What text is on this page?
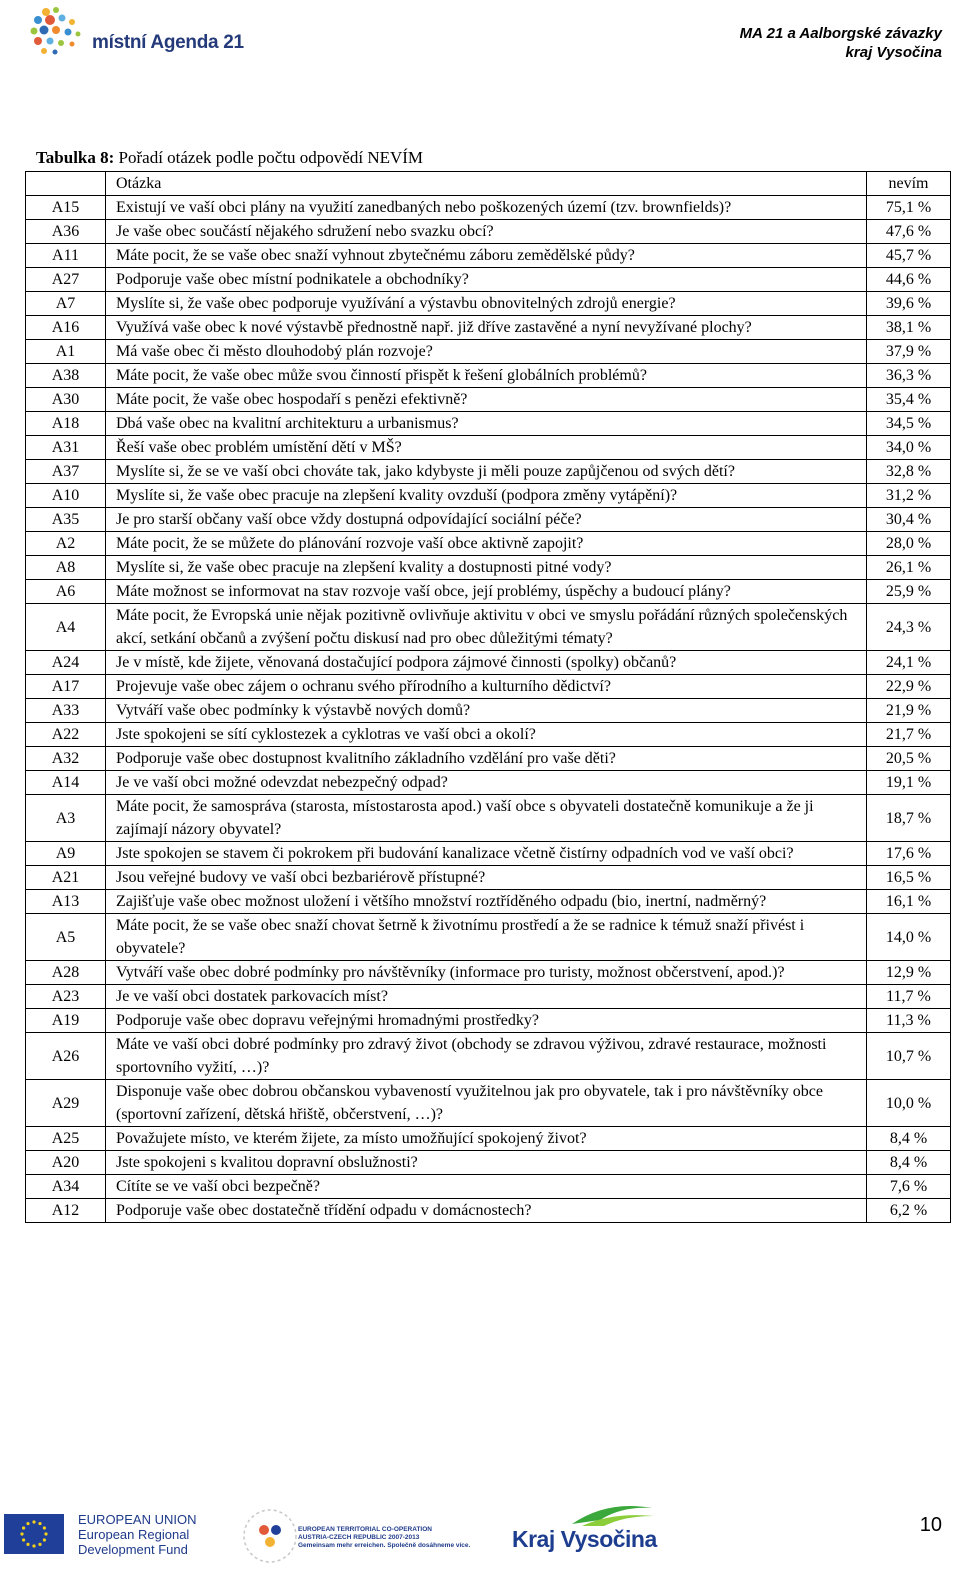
místní Agenda 21	MA 21 a Aalborgské závazky
kraj Vysočina
Tabulka 8: Pořadí otázek podle počtu odpovědí NEVÍM
	Otázka	nevím
A15	Existují ve vaší obci plány na využití zanedbaných nebo poškozených území (tzv. brownfields)?	75,1 %
A36	Je vaše obec součástí nějakého sdružení nebo svazku obcí?	47,6 %
A11	Máte pocit, že se vaše obec snaží vyhnout zbytečnému záboru zemědělské půdy?	45,7 %
A27	Podporuje vaše obec místní podnikatele a obchodníky?	44,6 %
A7	Myslíte si, že vaše obec podporuje využívání a výstavbu obnovitelných zdrojů energie?	39,6 %
A16	Využívá vaše obec k nové výstavbě přednostně např. již dříve zastavěné a nyní nevyžívané plochy?	38,1 %
A1	Má vaše obec či město dlouhodobý plán rozvoje?	37,9 %
A38	Máte pocit, že vaše obec může svou činností přispět k řešení globálních problémů?	36,3 %
A30	Máte pocit, že vaše obec hospodaří s penězi efektivně?	35,4 %
A18	Dbá vaše obec na kvalitní architekturu a urbanismus?	34,5 %
A31	Řeší vaše obec problém umístění dětí v MŠ?	34,0 %
A37	Myslíte si, že se ve vaší obci chováte tak, jako kdybyste ji měli pouze zapůjčenou od svých dětí?	32,8 %
A10	Myslíte si, že vaše obec pracuje na zlepšení kvality ovzduší (podpora změny vytápění)?	31,2 %
A35	Je pro starší občany vaší obce vždy dostupná odpovídající sociální péče?	30,4 %
A2	Máte pocit, že se můžete do plánování rozvoje vaší obce aktivně zapojit?	28,0 %
A8	Myslíte si, že vaše obec pracuje na zlepšení kvality a dostupnosti pitné vody?	26,1 %
A6	Máte možnost se informovat na stav rozvoje vaší obce, její problémy, úspěchy a budoucí plány?	25,9 %
A4	Máte pocit, že Evropská unie nějak pozitivně ovlivňuje aktivitu v obci ve smyslu pořádání různých společenských akcí, setkání občanů a zvýšení počtu diskusí nad pro obec důležitými tématy?	24,3 %
A24	Je v místě, kde žijete, věnovaná dostačující podpora zájmové činnosti (spolky) občanů?	24,1 %
A17	Projevuje vaše obec zájem o ochranu svého přírodního a kulturního dědictví?	22,9 %
A33	Vytváří vaše obec podmínky k výstavbě nových domů?	21,9 %
A22	Jste spokojeni se sítí cyklostezek a cyklotras ve vaší obci a okolí?	21,7 %
A32	Podporuje vaše obec dostupnost kvalitního základního vzdělání pro vaše děti?	20,5 %
A14	Je ve vaší obci možné odevzdat nebezpečný odpad?	19,1 %
A3	Máte pocit, že samospráva (starosta, místostarosta apod.) vaší obce s obyvateli dostatečně komunikuje a že ji zajímají názory obyvatel?	18,7 %
A9	Jste spokojen se stavem či pokrokem při budování kanalizace včetně čistírny odpadních vod ve vaší obci?	17,6 %
A21	Jsou veřejné budovy ve vaší obci bezbariérově přístupné?	16,5 %
A13	Zajišťuje vaše obec možnost uložení i většího množství roztříděného odpadu (bio, inertní, nadměrný?	16,1 %
A5	Máte pocit, že se vaše obec snaží chovat šetrně k životnímu prostředí a že se radnice k témuž snaží přivést i obyvatele?	14,0 %
A28	Vytváří vaše obec dobré podmínky pro návštěvníky (informace pro turisty, možnost občerstvení, apod.)?	12,9 %
A23	Je ve vaší obci dostatek parkovacích míst?	11,7 %
A19	Podporuje vaše obec dopravu veřejnými hromadnými prostředky?	11,3 %
A26	Máte ve vaší obci dobré podmínky pro zdravý život (obchody se zdravou výživou, zdravé restaurace, možnosti sportovního vyžití, …)?	10,7 %
A29	Disponuje vaše obec dobrou občanskou vybaveností využitelnou jak pro obyvatele, tak i pro návštěvníky obce (sportovní zařízení, dětská hřiště, občerstvení, …)?	10,0 %
A25	Považujete místo, ve kterém žijete, za místo umožňující spokojený život?	8,4 %
A20	Jste spokojeni s kvalitou dopravní obslužnosti?	8,4 %
A34	Cítíte se ve vaší obci bezpečně?	7,6 %
A12	Podporuje vaše obec dostatečně třídění odpadu v domácnostech?	6,2 %
EUROPEAN UNION
European Regional
Development Fund
EUROPEAN TERRITORIAL CO-OPERATION
AUSTRIA-CZECH REPUBLIC 2007-2013
Gemeinsam mehr erreichen. Společně dosáhneme více.	Kraj Vysočina
10
